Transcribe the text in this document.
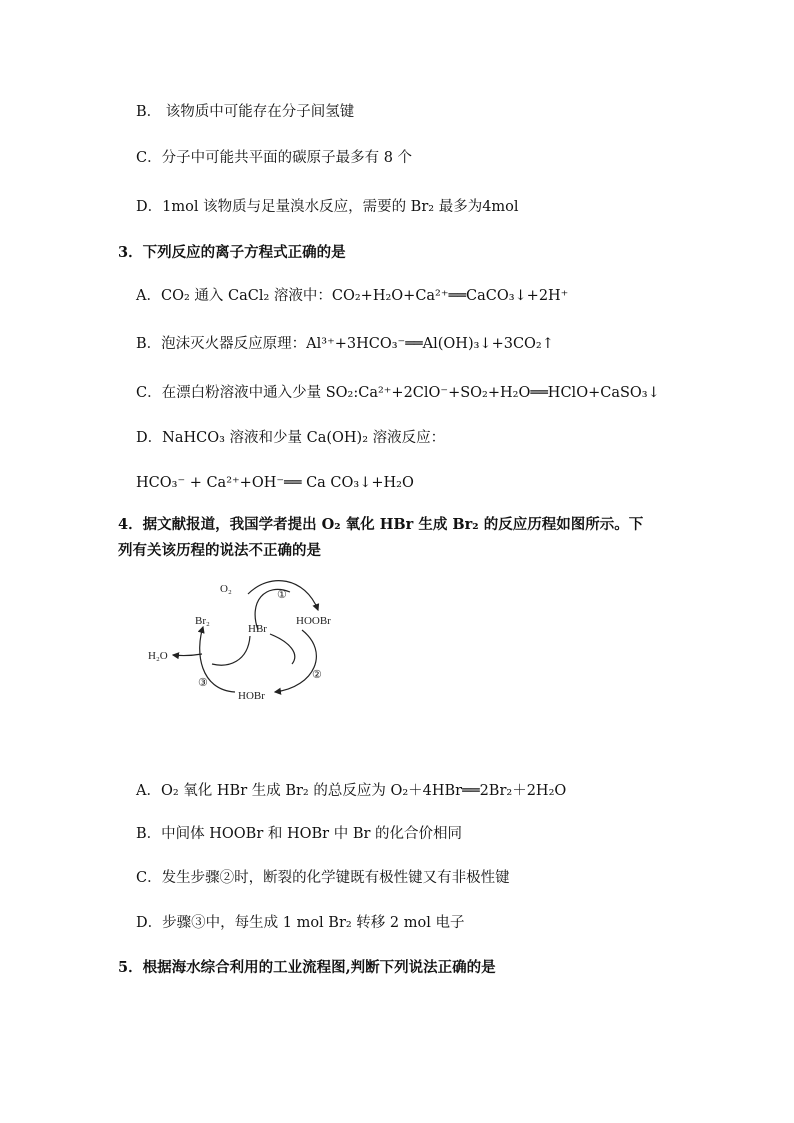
B． 该物质中可能存在分子间氢键
C．分子中可能共平面的碳原子最多有 8 个
D．1mol 该物质与足量溴水反应，需要的 Br₂ 最多为4mol
3．下列反应的离子方程式正确的是
A．CO₂ 通入 CaCl₂ 溶液中：CO₂+H₂O+Ca²⁺══CaCO₃↓+2H⁺
B．泡沫灭火器反应原理：Al³⁺+3HCO₃⁻══Al(OH)₃↓+3CO₂↑
C．在漂白粉溶液中通入少量 SO₂:Ca²⁺+2ClO⁻+SO₂+H₂O══HClO+CaSO₃↓
D．NaHCO₃ 溶液和少量 Ca(OH)₂ 溶液反应：
HCO₃⁻ + Ca²⁺+OH⁻══ Ca CO₃↓+H₂O
4．据文献报道，我国学者提出 O₂ 氧化 HBr 生成 Br₂ 的反应历程如图所示。下
列有关该历程的说法不正确的是
O₂
Br₂
HBr
HOOBr
H₂O
HOBr
①
②
③
A．O₂ 氧化 HBr 生成 Br₂ 的总反应为 O₂＋4HBr══2Br₂＋2H₂O
B．中间体 HOOBr 和 HOBr 中 Br 的化合价相同
C．发生步骤②时，断裂的化学键既有极性键又有非极性键
D．步骤③中，每生成 1 mol Br₂ 转移 2 mol 电子
5．根据海水综合利用的工业流程图,判断下列说法正确的是
